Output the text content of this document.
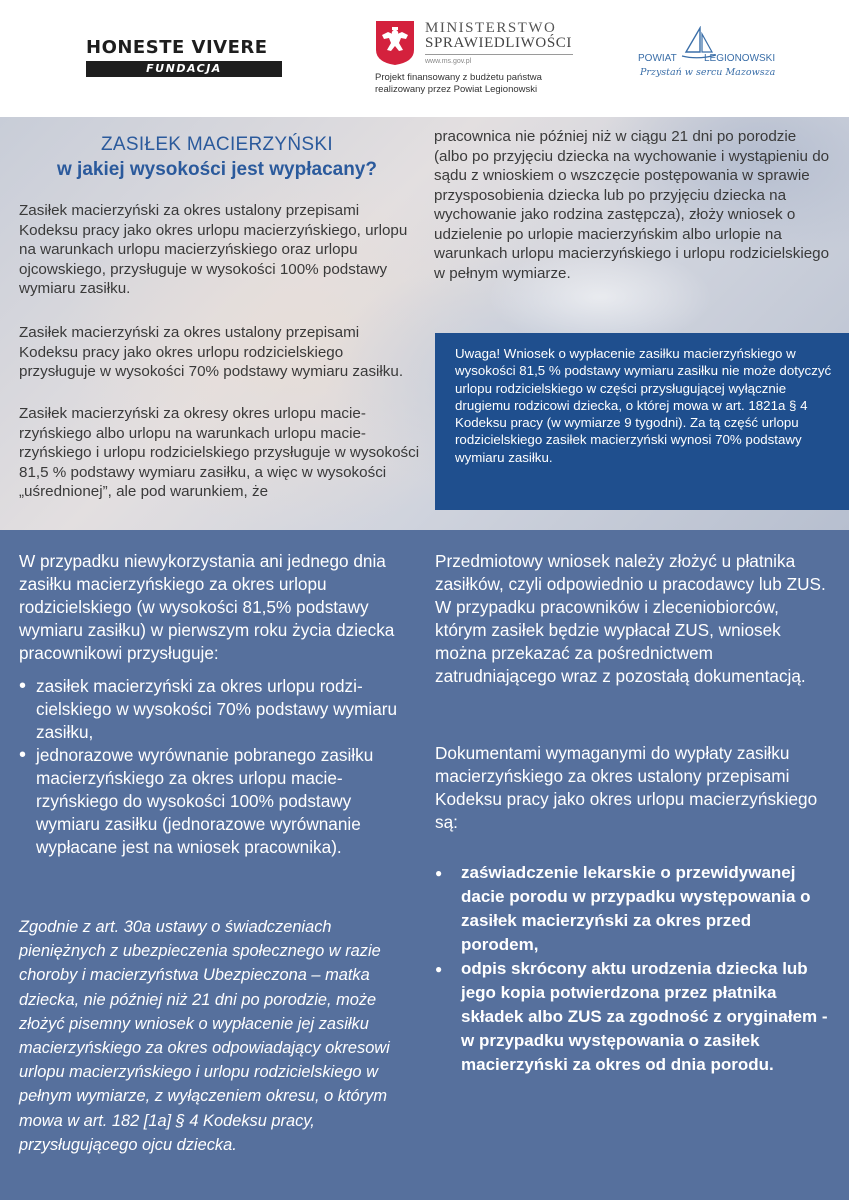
HONESTE VIVERE
FUNDACJA
MINISTERSTWO
SPRAWIEDLIWOŚCI
www.ms.gov.pl
Projekt finansowany z budżetu państwa
realizowany przez Powiat Legionowski
POWIAT	LEGIONOWSKI
Przystań w sercu Mazowsza
ZASIŁEK MACIERZYŃSKI
w jakiej wysokości jest wypłacany?

Zasiłek macierzyński za okres ustalony przepisami Kodeksu pracy jako okres urlopu macierzyńskiego, urlopu na warunkach urlopu macierzyńskiego oraz urlopu ojcowskiego, przysługuje w wysokości 100% podstawy wymiaru zasiłku.

Zasiłek macierzyński za okres ustalony przepisami Kodeksu pracy jako okres urlopu rodzicielskiego przysługuje w wysokości 70% podstawy wymiaru zasiłku.

Zasiłek macierzyński za okresy okres urlopu macierzyńskiego albo urlopu na warunkach urlopu macierzyńskiego i urlopu rodzicielskiego przysługuje w wysokości 81,5 % podstawy wymiaru zasiłku, a więc w wysokości „uśrednionej”, ale pod warunkiem, że

pracownica nie później niż w ciągu 21 dni po porodzie (albo po przyjęciu dziecka na wychowanie i wystąpieniu do sądu z wnioskiem o wszczęcie postępowania w sprawie przysposobienia dziecka lub po przyjęciu dziecka na wychowanie jako rodzina zastępcza), złoży wniosek o udzielenie po urlopie macierzyńskim albo urlopie na warunkach urlopu macierzyńskiego i urlopu rodzicielskiego w pełnym wymiarze.

Uwaga! Wniosek o wypłacenie zasiłku macierzyńskiego w wysokości 81,5 % podstawy wymiaru zasiłku nie może dotyczyć urlopu rodzicielskiego w części przysługującej wyłącznie drugiemu rodzicowi dziecka, o której mowa w art. 1821a § 4 Kodeksu pracy (w wymiarze 9 tygodni). Za tą część urlopu rodzicielskiego zasiłek macierzyński wynosi 70% podstawy wymiaru zasiłku.

W przypadku niewykorzystania ani jednego dnia zasiłku macierzyńskiego za okres urlopu rodzicielskiego (w wysokości 81,5% podstawy wymiaru zasiłku) w pierwszym roku życia dziecka pracownikowi przysługuje:

• zasiłek macierzyński za okres urlopu rodzicielskiego w wysokości 70% podstawy wymiaru zasiłku,
• jednorazowe wyrównanie pobranego zasiłku macierzyńskiego za okres urlopu macierzyńskiego do wysokości 100% podstawy wymiaru zasiłku (jednorazowe wyrównanie wypłacane jest na wniosek pracownika).

Zgodnie z art. 30a ustawy o świadczeniach pieniężnych z ubezpieczenia społecznego w razie choroby i macierzyństwa Ubezpieczona – matka dziecka, nie później niż 21 dni po porodzie, może złożyć pisemny wniosek o wypłacenie jej zasiłku macierzyńskiego za okres odpowiadający okresowi urlopu macierzyńskiego i urlopu rodzicielskiego w pełnym wymiarze, z wyłączeniem okresu, o którym mowa w art. 182 [1a] § 4 Kodeksu pracy, przysługującego ojcu dziecka.

Przedmiotowy wniosek należy złożyć u płatnika zasiłków, czyli odpowiednio u pracodawcy lub ZUS. W przypadku pracowników i zleceniobiorców, którym zasiłek będzie wypłacał ZUS, wniosek można przekazać za pośrednictwem zatrudniającego wraz z pozostałą dokumentacją.

Dokumentami wymaganymi do wypłaty zasiłku macierzyńskiego za okres ustalony przepisami Kodeksu pracy jako okres urlopu macierzyńskiego są:

● zaświadczenie lekarskie o przewidywanej dacie porodu w przypadku występowania o zasiłek macierzyński za okres przed porodem,
● odpis skrócony aktu urodzenia dziecka lub jego kopia potwierdzona przez płatnika składek albo ZUS za zgodność z oryginałem - w przypadku występowania o zasiłek macierzyński za okres od dnia porodu.
